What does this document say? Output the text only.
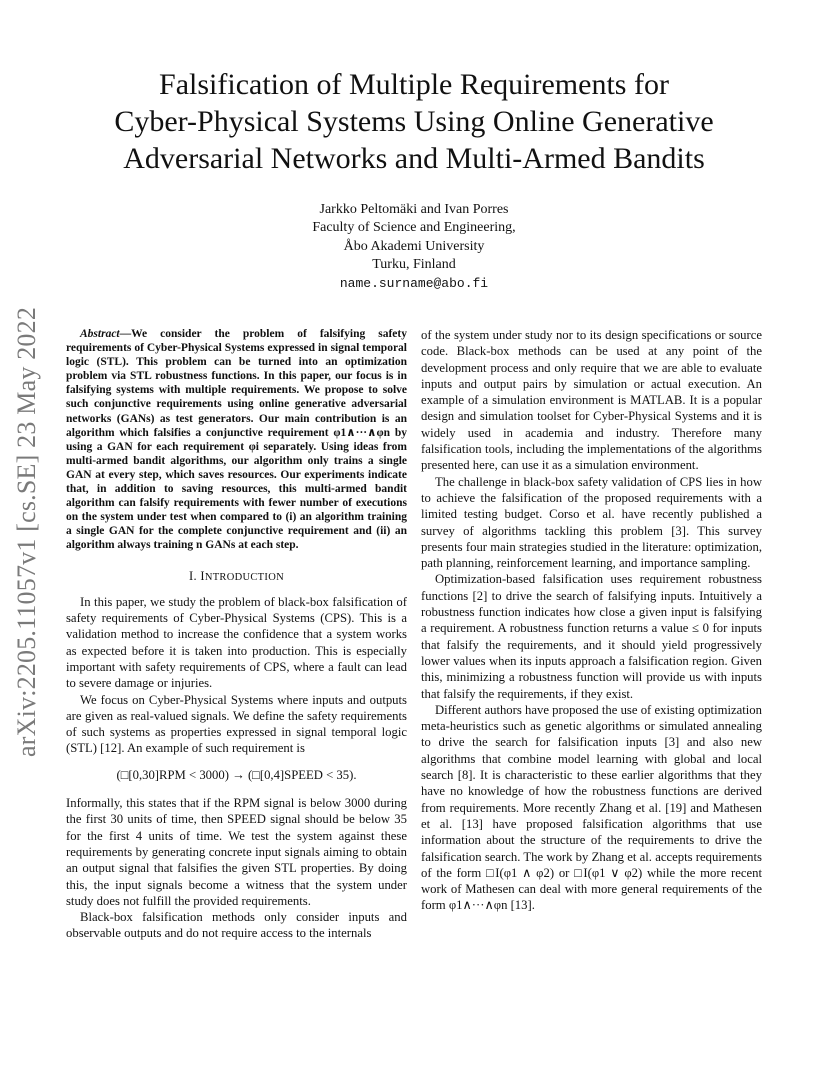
Falsification of Multiple Requirements for
Cyber-Physical Systems Using Online Generative
Adversarial Networks and Multi-Armed Bandits
Jarkko Peltomäki and Ivan Porres
Faculty of Science and Engineering,
Åbo Akademi University
Turku, Finland
name.surname@abo.fi
arXiv:2205.11057v1 [cs.SE] 23 May 2022	Abstract—We consider the problem of falsifying safety requirements of Cyber-Physical Systems expressed in signal temporal logic (STL). This problem can be turned into an optimization problem via STL robustness functions. In this paper, our focus is in falsifying systems with multiple requirements. We propose to solve such conjunctive requirements using online generative adversarial networks (GANs) as test generators. Our main contribution is an algorithm which falsifies a conjunctive requirement φ1∧···∧φn by using a GAN for each requirement φi separately. Using ideas from multi-armed bandit algorithms, our algorithm only trains a single GAN at every step, which saves resources. Our experiments indicate that, in addition to saving resources, this multi-armed bandit algorithm can falsify requirements with fewer number of executions on the system under test when compared to (i) an algorithm training a single GAN for the complete conjunctive requirement and (ii) an algorithm always training n GANs at each step.

I. INTRODUCTION

In this paper, we study the problem of black-box falsification of safety requirements of Cyber-Physical Systems (CPS). This is a validation method to increase the confidence that a system works as expected before it is taken into production. This is especially important with safety requirements of CPS, where a fault can lead to severe damage or injuries.

We focus on Cyber-Physical Systems where inputs and outputs are given as real-valued signals. We define the safety requirements of such systems as properties expressed in signal temporal logic (STL) [12]. An example of such requirement is

(□[0,30]RPM < 3000) → (□[0,4]SPEED < 35).

Informally, this states that if the RPM signal is below 3000 during the first 30 units of time, then SPEED signal should be below 35 for the first 4 units of time. We test the system against these requirements by generating concrete input signals aiming to obtain an output signal that falsifies the given STL properties. By doing this, the input signals become a witness that the system under study does not fulfill the provided requirements.

Black-box falsification methods only consider inputs and observable outputs and do not require access to the internals

of the system under study nor to its design specifications or source code. Black-box methods can be used at any point of the development process and only require that we are able to evaluate inputs and output pairs by simulation or actual execution. An example of a simulation environment is MATLAB. It is a popular design and simulation toolset for Cyber-Physical Systems and it is widely used in academia and industry. Therefore many falsification tools, including the implementations of the algorithms presented here, can use it as a simulation environment.

The challenge in black-box safety validation of CPS lies in how to achieve the falsification of the proposed requirements with a limited testing budget. Corso et al. have recently published a survey of algorithms tackling this problem [3]. This survey presents four main strategies studied in the literature: optimization, path planning, reinforcement learning, and importance sampling.

Optimization-based falsification uses requirement robustness functions [2] to drive the search of falsifying inputs. Intuitively a robustness function indicates how close a given input is falsifying a requirement. A robustness function returns a value ≤ 0 for inputs that falsify the requirements, and it should yield progressively lower values when its inputs approach a falsification region. Given this, minimizing a robustness function will provide us with inputs that falsify the requirements, if they exist.

Different authors have proposed the use of existing optimization meta-heuristics such as genetic algorithms or simulated annealing to drive the search for falsification inputs [3] and also new algorithms that combine model learning with global and local search [8]. It is characteristic to these earlier algorithms that they have no knowledge of how the robustness functions are derived from requirements. More recently Zhang et al. [19] and Mathesen et al. [13] have proposed falsification algorithms that use information about the structure of the requirements to drive the falsification search. The work by Zhang et al. accepts requirements of the form □I(φ1 ∧ φ2) or □I(φ1 ∨ φ2) while the more recent work of Mathesen can deal with more general requirements of the form φ1∧···∧φn [13].
